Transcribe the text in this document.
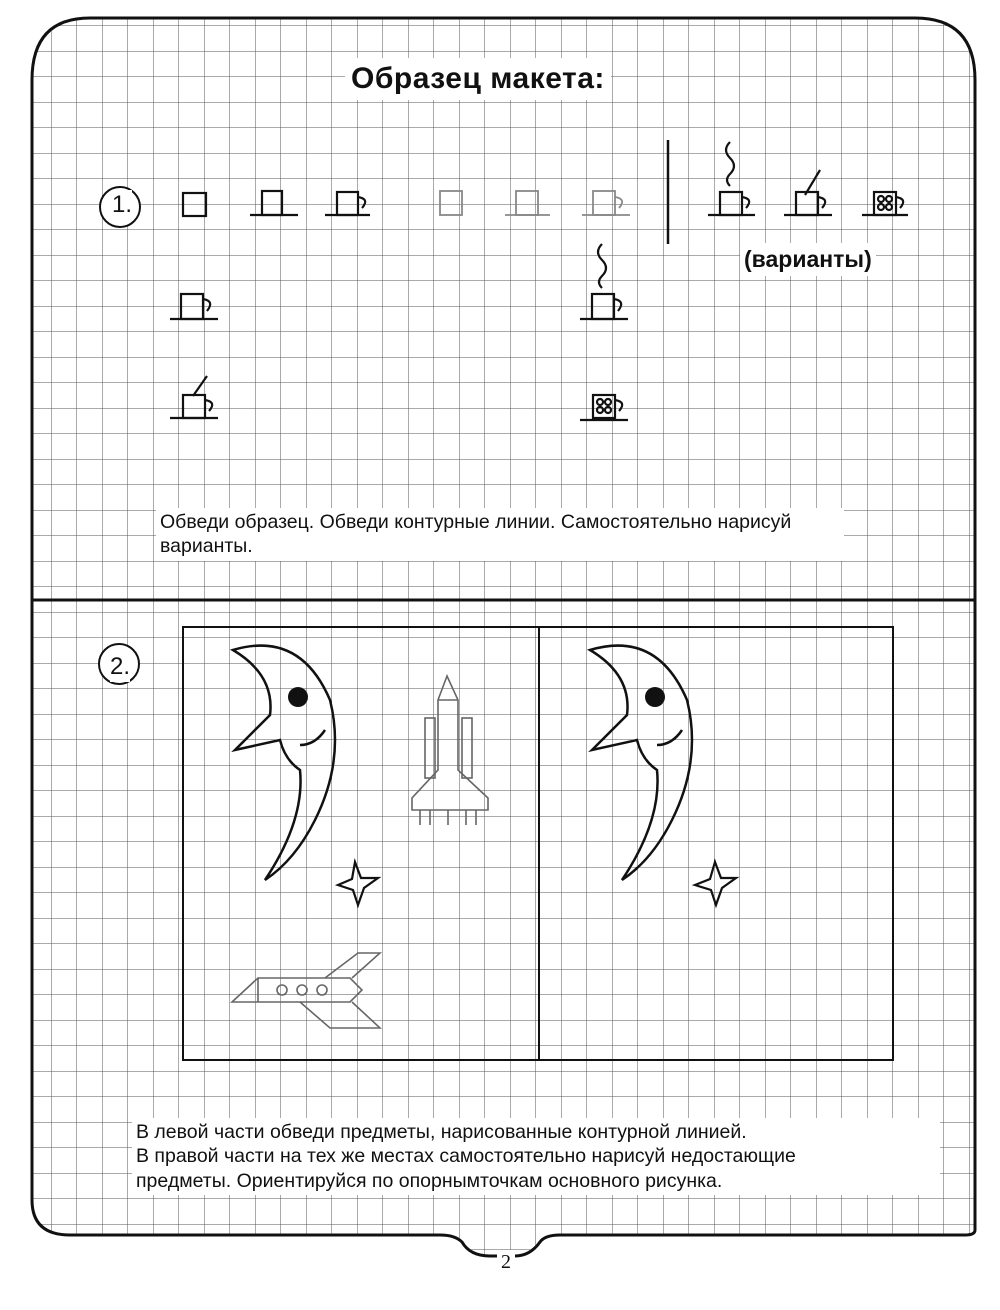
Образец макета:
1.
2.
(варианты)
Обведи образец. Обведи контурные линии. Самостоятельно нарисуй варианты.
В левой части обведи предметы, нарисованные контурной линией.
В правой части на тех же местах самостоятельно нарисуй недостающие
предметы. Ориентируйся по опорнымточкам основного рисунка.
2
